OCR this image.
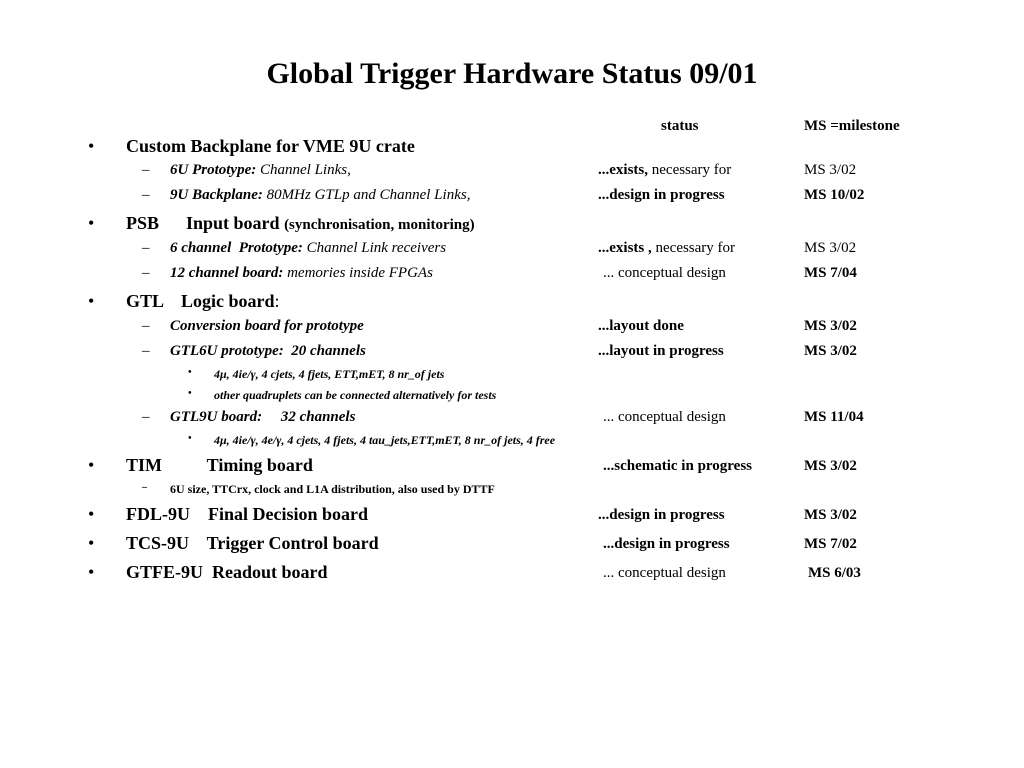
Global Trigger Hardware Status 09/01
status	MS =milestone
• Custom Backplane for VME 9U crate
– 6U Prototype: Channel Links,	...exists, necessary for	MS 3/02
– 9U Backplane: 80MHz GTLp and Channel Links,	...design in progress	MS 10/02
• PSB      Input board (synchronisation, monitoring)
– 6 channel  Prototype: Channel Link receivers	...exists , necessary for	MS 3/02
– 12 channel board: memories inside FPGAs	... conceptual design	MS 7/04
• GTL    Logic board:
– Conversion board for prototype	...layout done	MS 3/02
– GTL6U prototype:  20 channels	...layout in progress	MS 3/02
• 4μ, 4ie/γ, 4 cjets, 4 fjets, ETT,mET, 8 nr_of jets
• other quadruplets can be connected alternatively for tests
– GTL9U board:     32 channels	... conceptual design	MS 11/04
• 4μ, 4ie/γ, 4e/γ, 4 cjets, 4 fjets, 4 tau_jets,ETT,mET, 8 nr_of jets, 4 free
• TIM          Timing board	...schematic in progress	MS 3/02
– 6U size, TTCrx, clock and L1A distribution, also used by DTTF
• FDL-9U    Final Decision board	...design in progress	MS 3/02
• TCS-9U    Trigger Control board	...design in progress	MS 7/02
• GTFE-9U  Readout board	... conceptual design	MS 6/03
